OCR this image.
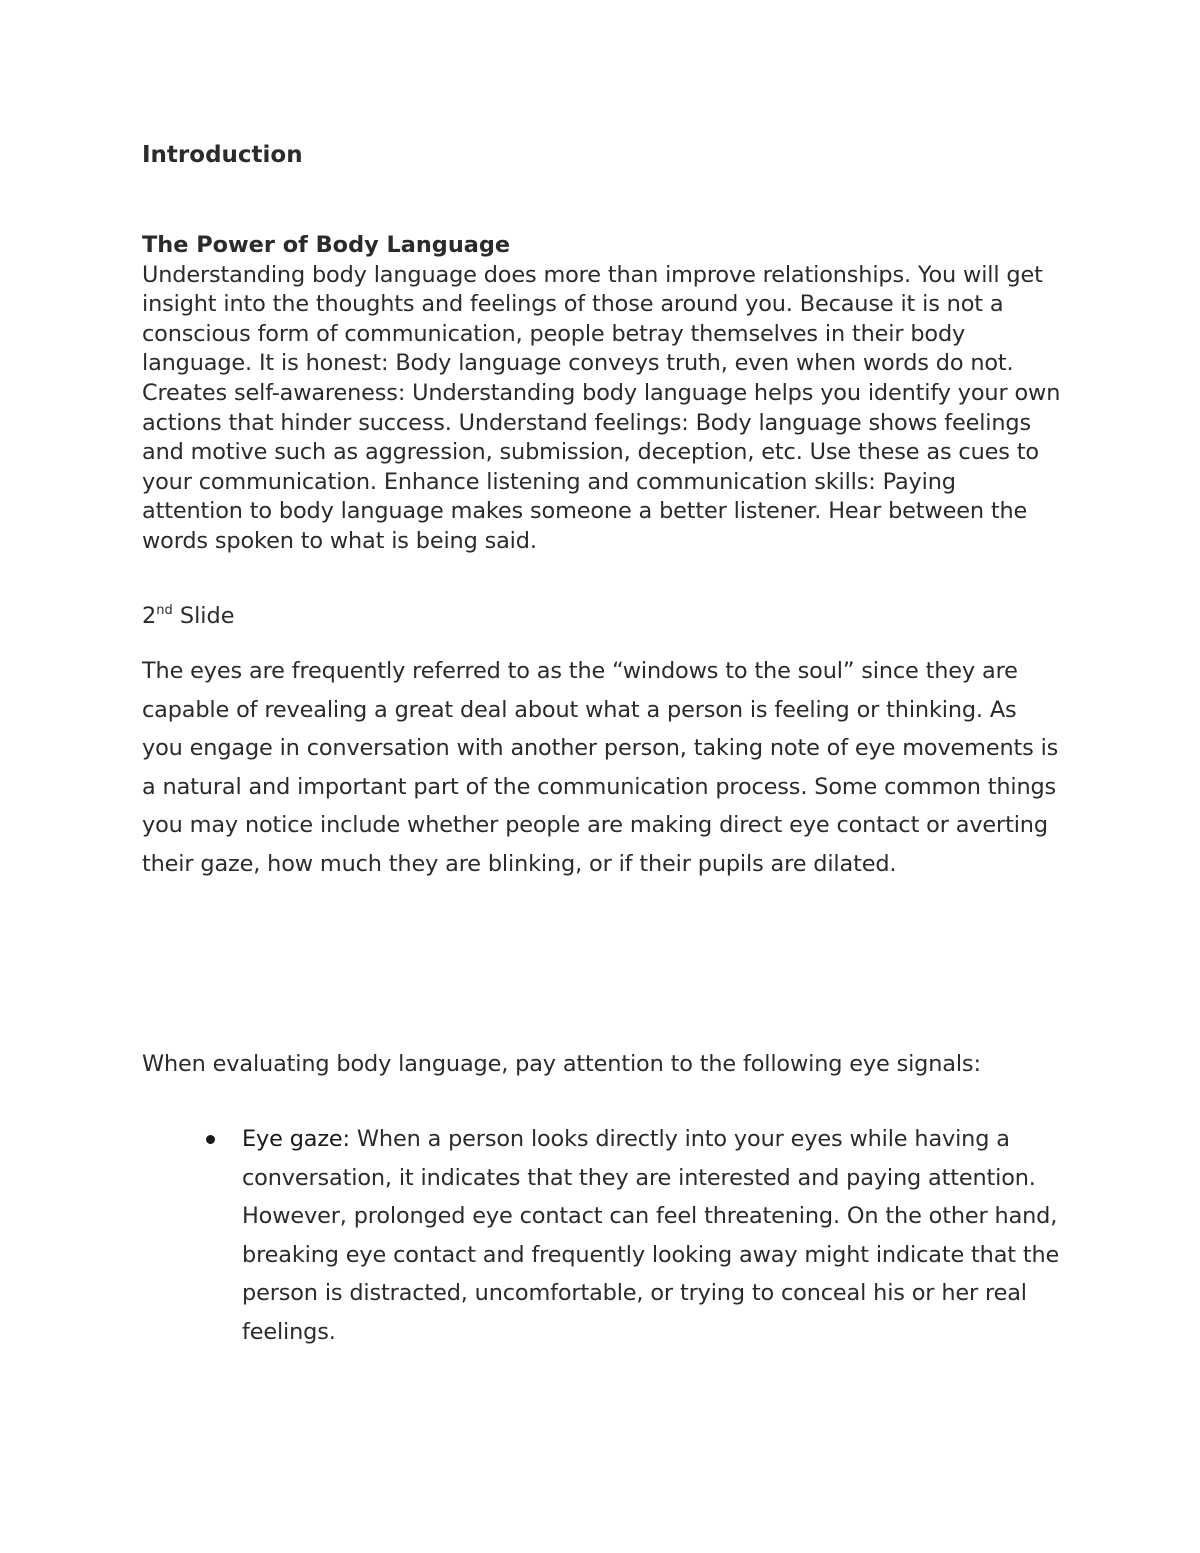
Introduction

The Power of Body Language

Understanding body language does more than improve relationships. You will get insight into the thoughts and feelings of those around you. Because it is not a conscious form of communication, people betray themselves in their body language. It is honest: Body language conveys truth, even when words do not. Creates self-awareness: Understanding body language helps you identify your own actions that hinder success. Understand feelings: Body language shows feelings and motive such as aggression, submission, deception, etc. Use these as cues to your communication. Enhance listening and communication skills: Paying attention to body language makes someone a better listener. Hear between the words spoken to what is being said.

2nd Slide

The eyes are frequently referred to as the “windows to the soul” since they are capable of revealing a great deal about what a person is feeling or thinking. As you engage in conversation with another person, taking note of eye movements is a natural and important part of the communication process. Some common things you may notice include whether people are making direct eye contact or averting their gaze, how much they are blinking, or if their pupils are dilated.

When evaluating body language, pay attention to the following eye signals:

Eye gaze: When a person looks directly into your eyes while having a conversation, it indicates that they are interested and paying attention. However, prolonged eye contact can feel threatening. On the other hand, breaking eye contact and frequently looking away might indicate that the person is distracted, uncomfortable, or trying to conceal his or her real feelings.
